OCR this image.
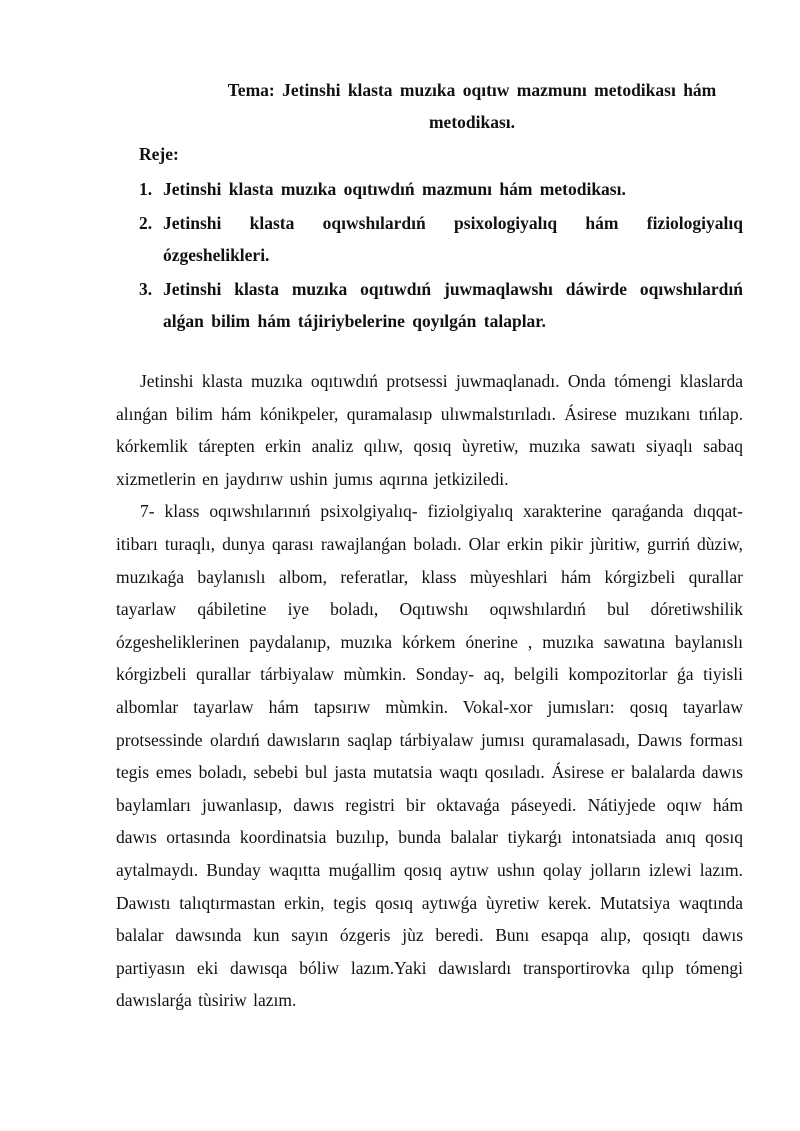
Tema: Jetinshi klasta muzıka oqıtıw mazmunı metodikası hám metodikası.
Reje:
1. Jetinshi klasta muzıka oqıtıwdıń mazmunı hám metodikası.
2. Jetinshi klasta oqıwshılardıń psixologiyalıq hám fiziologiyalıq ózgeshelikleri.
3. Jetinshi klasta muzıka oqıtıwdıń juwmaqlawshı dáwirde oqıwshılardıń alǵan bilim hám tájiriybelerine qoyılgán talaplar.

Jetinshi klasta muzıka oqıtıwdıń protsessi juwmaqlanadı. Onda tómengi klaslarda alınǵan bilim hám kónikpeler, quramalasıp ulıwmalstırıladı. Ásirese muzıkanı tıńlap. kórkemlik tárepten erkin analiz qılıw, qosıq ùyretiw, muzıka sawatı siyaqlı sabaq xizmetlerin en jaydırıw ushin jumıs aqırına jetkiziledi.

7- klass oqıwshılarınıń psixolgiyalıq- fiziolgiyalıq xarakterine qaraǵanda dıqqat- itibarı turaqlı, dunya qarası rawajlanǵan boladı. Olar erkin pikir jùritiw, gurriń dùziw, muzıkaǵa baylanıslı albom, referatlar, klass mùyeshlari hám kórgizbeli qurallar tayarlaw qábiletine iye boladı, Oqıtıwshı oqıwshılardıń bul dóretiwshilik ózgesheliklerinen paydalanıp, muzıka kórkem ónerine , muzıka sawatına baylanıslı kórgizbeli qurallar tárbiyalaw mùmkin. Sonday- aq, belgili kompozitorlar ǵa tiyisli albomlar tayarlaw hám tapsırıw mùmkin. Vokal-xor jumısları: qosıq tayarlaw protsessinde olardıń dawısların saqlap tárbiyalaw jumısı quramalasadı, Dawıs forması tegis emes boladı, sebebi bul jasta mutatsia waqtı qosıladı. Ásirese er balalarda dawıs baylamları juwanlasıp, dawıs registri bir oktavaǵa páseyedi. Nátiyjede oqıw hám dawıs ortasında koordinatsia buzılıp, bunda balalar tiykarǵı intonatsiada anıq qosıq aytalmaydı. Bunday waqıtta muǵallim qosıq aytıw ushın qolay jolların izlewi lazım. Dawıstı talıqtırmastan erkin, tegis qosıq aytıwǵa ùyretiw kerek. Mutatsiya waqtında balalar dawsında kun sayın ózgeris jùz beredi. Bunı esapqa alıp, qosıqtı dawıs partiyasın eki dawısqa bóliw lazım.Yaki dawıslardı transportirovka qılıp tómengi dawıslarǵa tùsiriw lazım.
